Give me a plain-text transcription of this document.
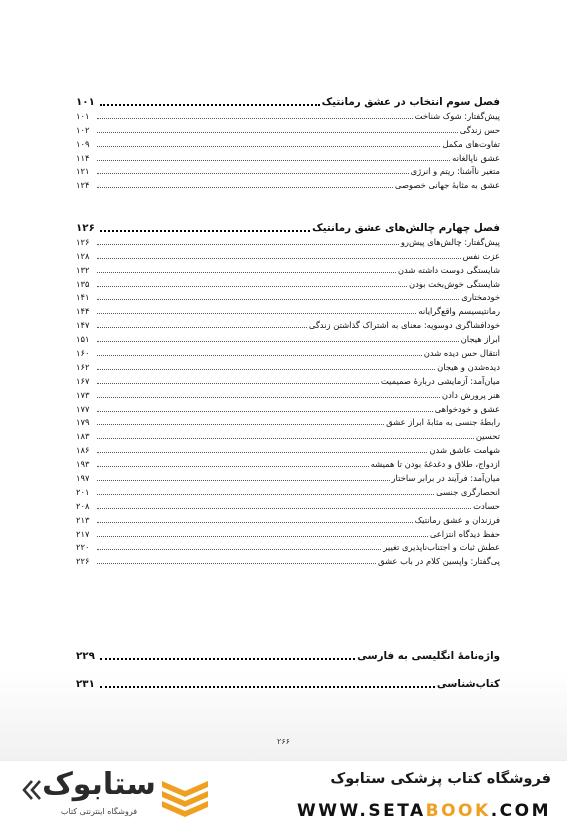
فصل سوم انتخاب در عشق رمانتیک
۱۰۱
پیش‌گفتار: شوک شناخت
۱۰۱
حس زندگی
۱۰۲
تفاوت‌های مکمل
۱۰۹
عشق ناپالغانه
۱۱۴
متغیر ناآشنا: ریتم و انرژی
۱۲۱
عشق به مثابهٔ جهانی خصوصی
۱۲۴
فصل چهارم چالش‌های عشق رمانتیک
۱۲۶
پیش‌گفتار: چالش‌های پیش‌رو
۱۲۶
عزت نفس
۱۲۸
شایستگی دوست داشته شدن
۱۳۲
شایستگی خوش‌بخت بودن
۱۳۵
خودمختاری
۱۴۱
رمانتیسیسم واقع‌گرایانه
۱۴۴
خودافشاگری دوسویه: معنای به اشتراک گذاشتن زندگی
۱۴۷
ابراز هیجان
۱۵۱
انتقال حس دیده شدن
۱۶۰
دیده‌شدن و هیجان
۱۶۲
میان‌آمد: آزمایشی دربارهٔ صمیمیت
۱۶۷
هنر پرورش دادن
۱۷۳
عشق و خودخواهی
۱۷۷
رابطهٔ جنسی به مثابهٔ ابراز عشق
۱۷۹
تحسین
۱۸۳
شهامت عاشق شدن
۱۸۶
ازدواج، طلاق و دغدغهٔ بودن تا همیشه
۱۹۳
میان‌آمد: فرآیند در برابر ساختار
۱۹۷
انحصارگری جنسی
۲۰۱
حسادت
۲۰۸
فرزندان و عشق رمانتیک
۲۱۳
حفظ دیدگاه انتزاعی
۲۱۷
عطش ثبات و اجتناب‌ناپذیری تغییر
۲۲۰
پی‌گفتار: واپسین کلام در باب عشق
۲۲۶
واژه‌نامهٔ انگلیسی به فارسی
۲۲۹
کتاب‌شناسی
۲۳۱
۲۶۶
ستابوک
فروشگاه اینترنتی کتاب
فروشگاه کتاب پزشکی ستابوک
WWW.SETABOOK.COM
